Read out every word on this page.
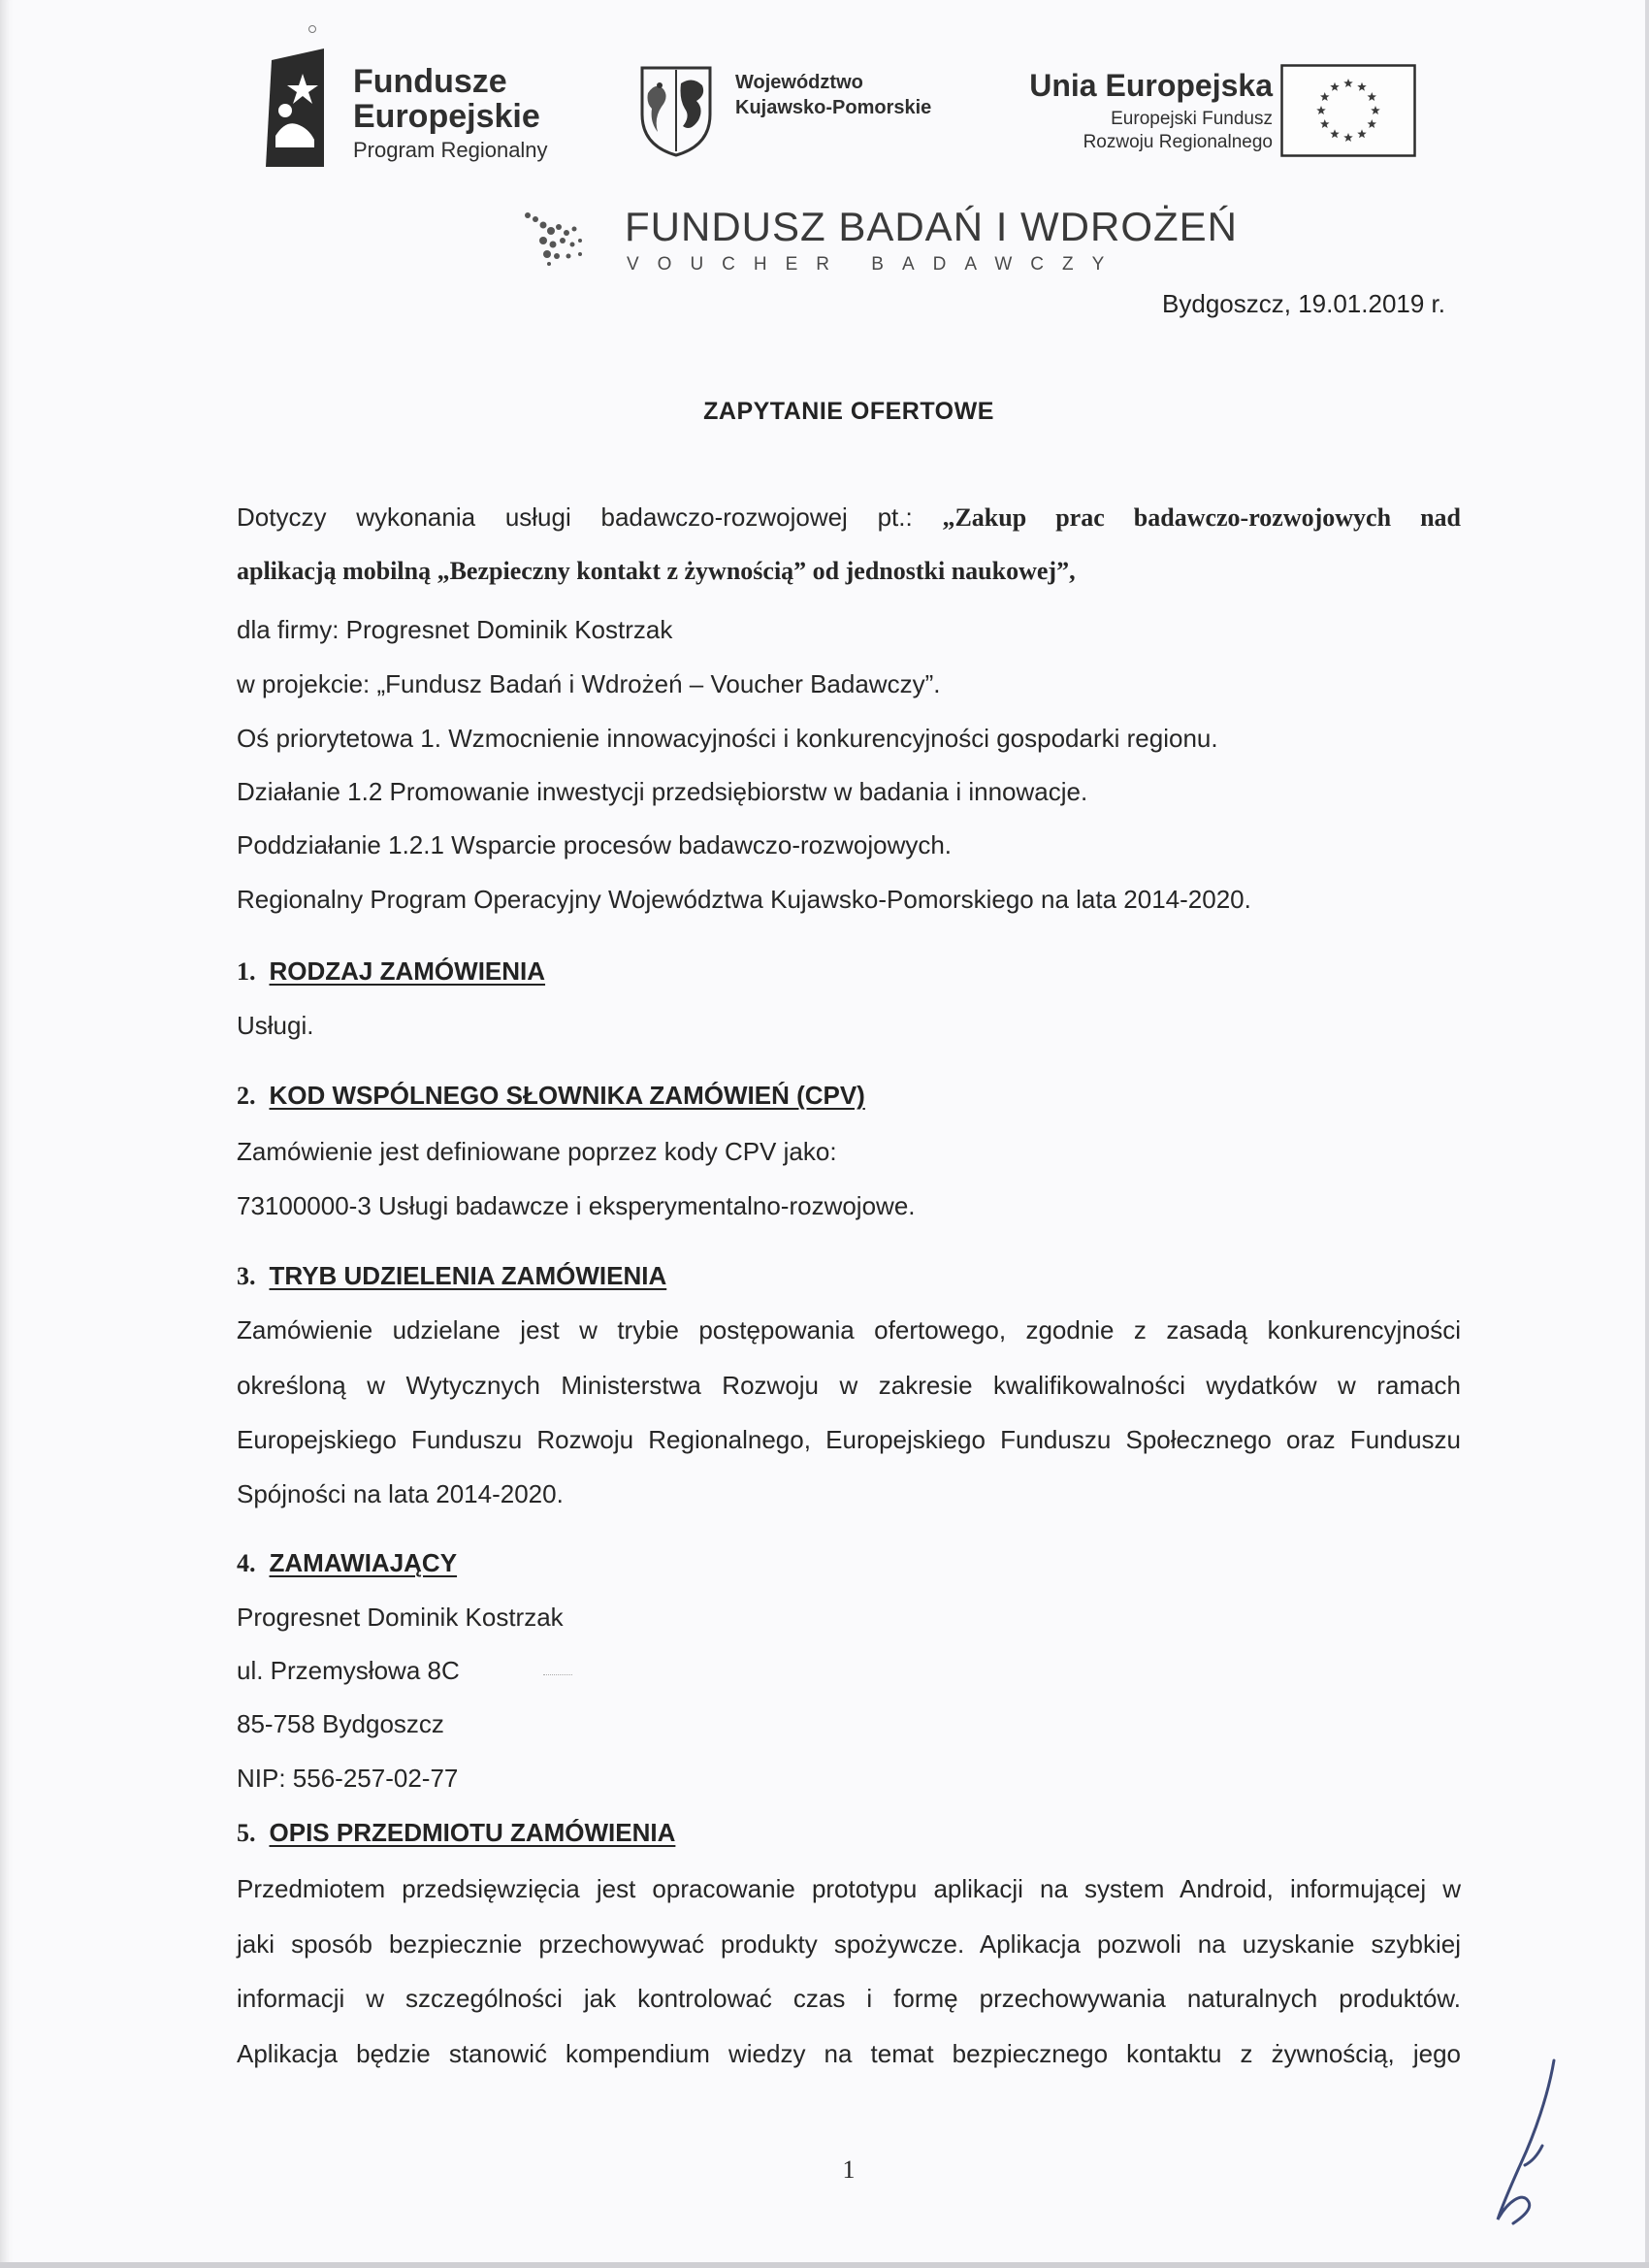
Fundusze
Europejskie
Program Regionalny
Województwo
Kujawsko-Pomorskie
Unia Europejska
Europejski Fundusz
Rozwoju Regionalnego
FUNDUSZ BADAŃ I WDROŻEŃ
VOUCHER BADAWCZY
Bydgoszcz, 19.01.2019 r.
ZAPYTANIE OFERTOWE
Dotyczy wykonania usługi badawczo-rozwojowej pt.: „Zakup prac badawczo-rozwojowych nad
aplikacją mobilną „Bezpieczny kontakt z żywnością” od jednostki naukowej”,
dla firmy: Progresnet Dominik Kostrzak
w projekcie: „Fundusz Badań i Wdrożeń – Voucher Badawczy”.
Oś priorytetowa 1. Wzmocnienie innowacyjności i konkurencyjności gospodarki regionu.
Działanie 1.2 Promowanie inwestycji przedsiębiorstw w badania i innowacje.
Poddziałanie 1.2.1 Wsparcie procesów badawczo-rozwojowych.
Regionalny Program Operacyjny Województwa Kujawsko-Pomorskiego na lata 2014-2020.
1. RODZAJ ZAMÓWIENIA
Usługi.
2. KOD WSPÓLNEGO SŁOWNIKA ZAMÓWIEŃ (CPV)
Zamówienie jest definiowane poprzez kody CPV jako:
73100000-3 Usługi badawcze i eksperymentalno-rozwojowe.
3. TRYB UDZIELENIA ZAMÓWIENIA
Zamówienie udzielane jest w trybie postępowania ofertowego, zgodnie z zasadą konkurencyjności
określoną w Wytycznych Ministerstwa Rozwoju w zakresie kwalifikowalności wydatków w ramach
Europejskiego Funduszu Rozwoju Regionalnego, Europejskiego Funduszu Społecznego oraz Funduszu
Spójności na lata 2014-2020.
4. ZAMAWIAJĄCY
Progresnet Dominik Kostrzak
ul. Przemysłowa 8C
85-758 Bydgoszcz
NIP: 556-257-02-77
5. OPIS PRZEDMIOTU ZAMÓWIENIA
Przedmiotem przedsięwzięcia jest opracowanie prototypu aplikacji na system Android, informującej w
jaki sposób bezpiecznie przechowywać produkty spożywcze. Aplikacja pozwoli na uzyskanie szybkiej
informacji w szczególności jak kontrolować czas i formę przechowywania naturalnych produktów.
Aplikacja będzie stanowić kompendium wiedzy na temat bezpiecznego kontaktu z żywnością, jego
1
